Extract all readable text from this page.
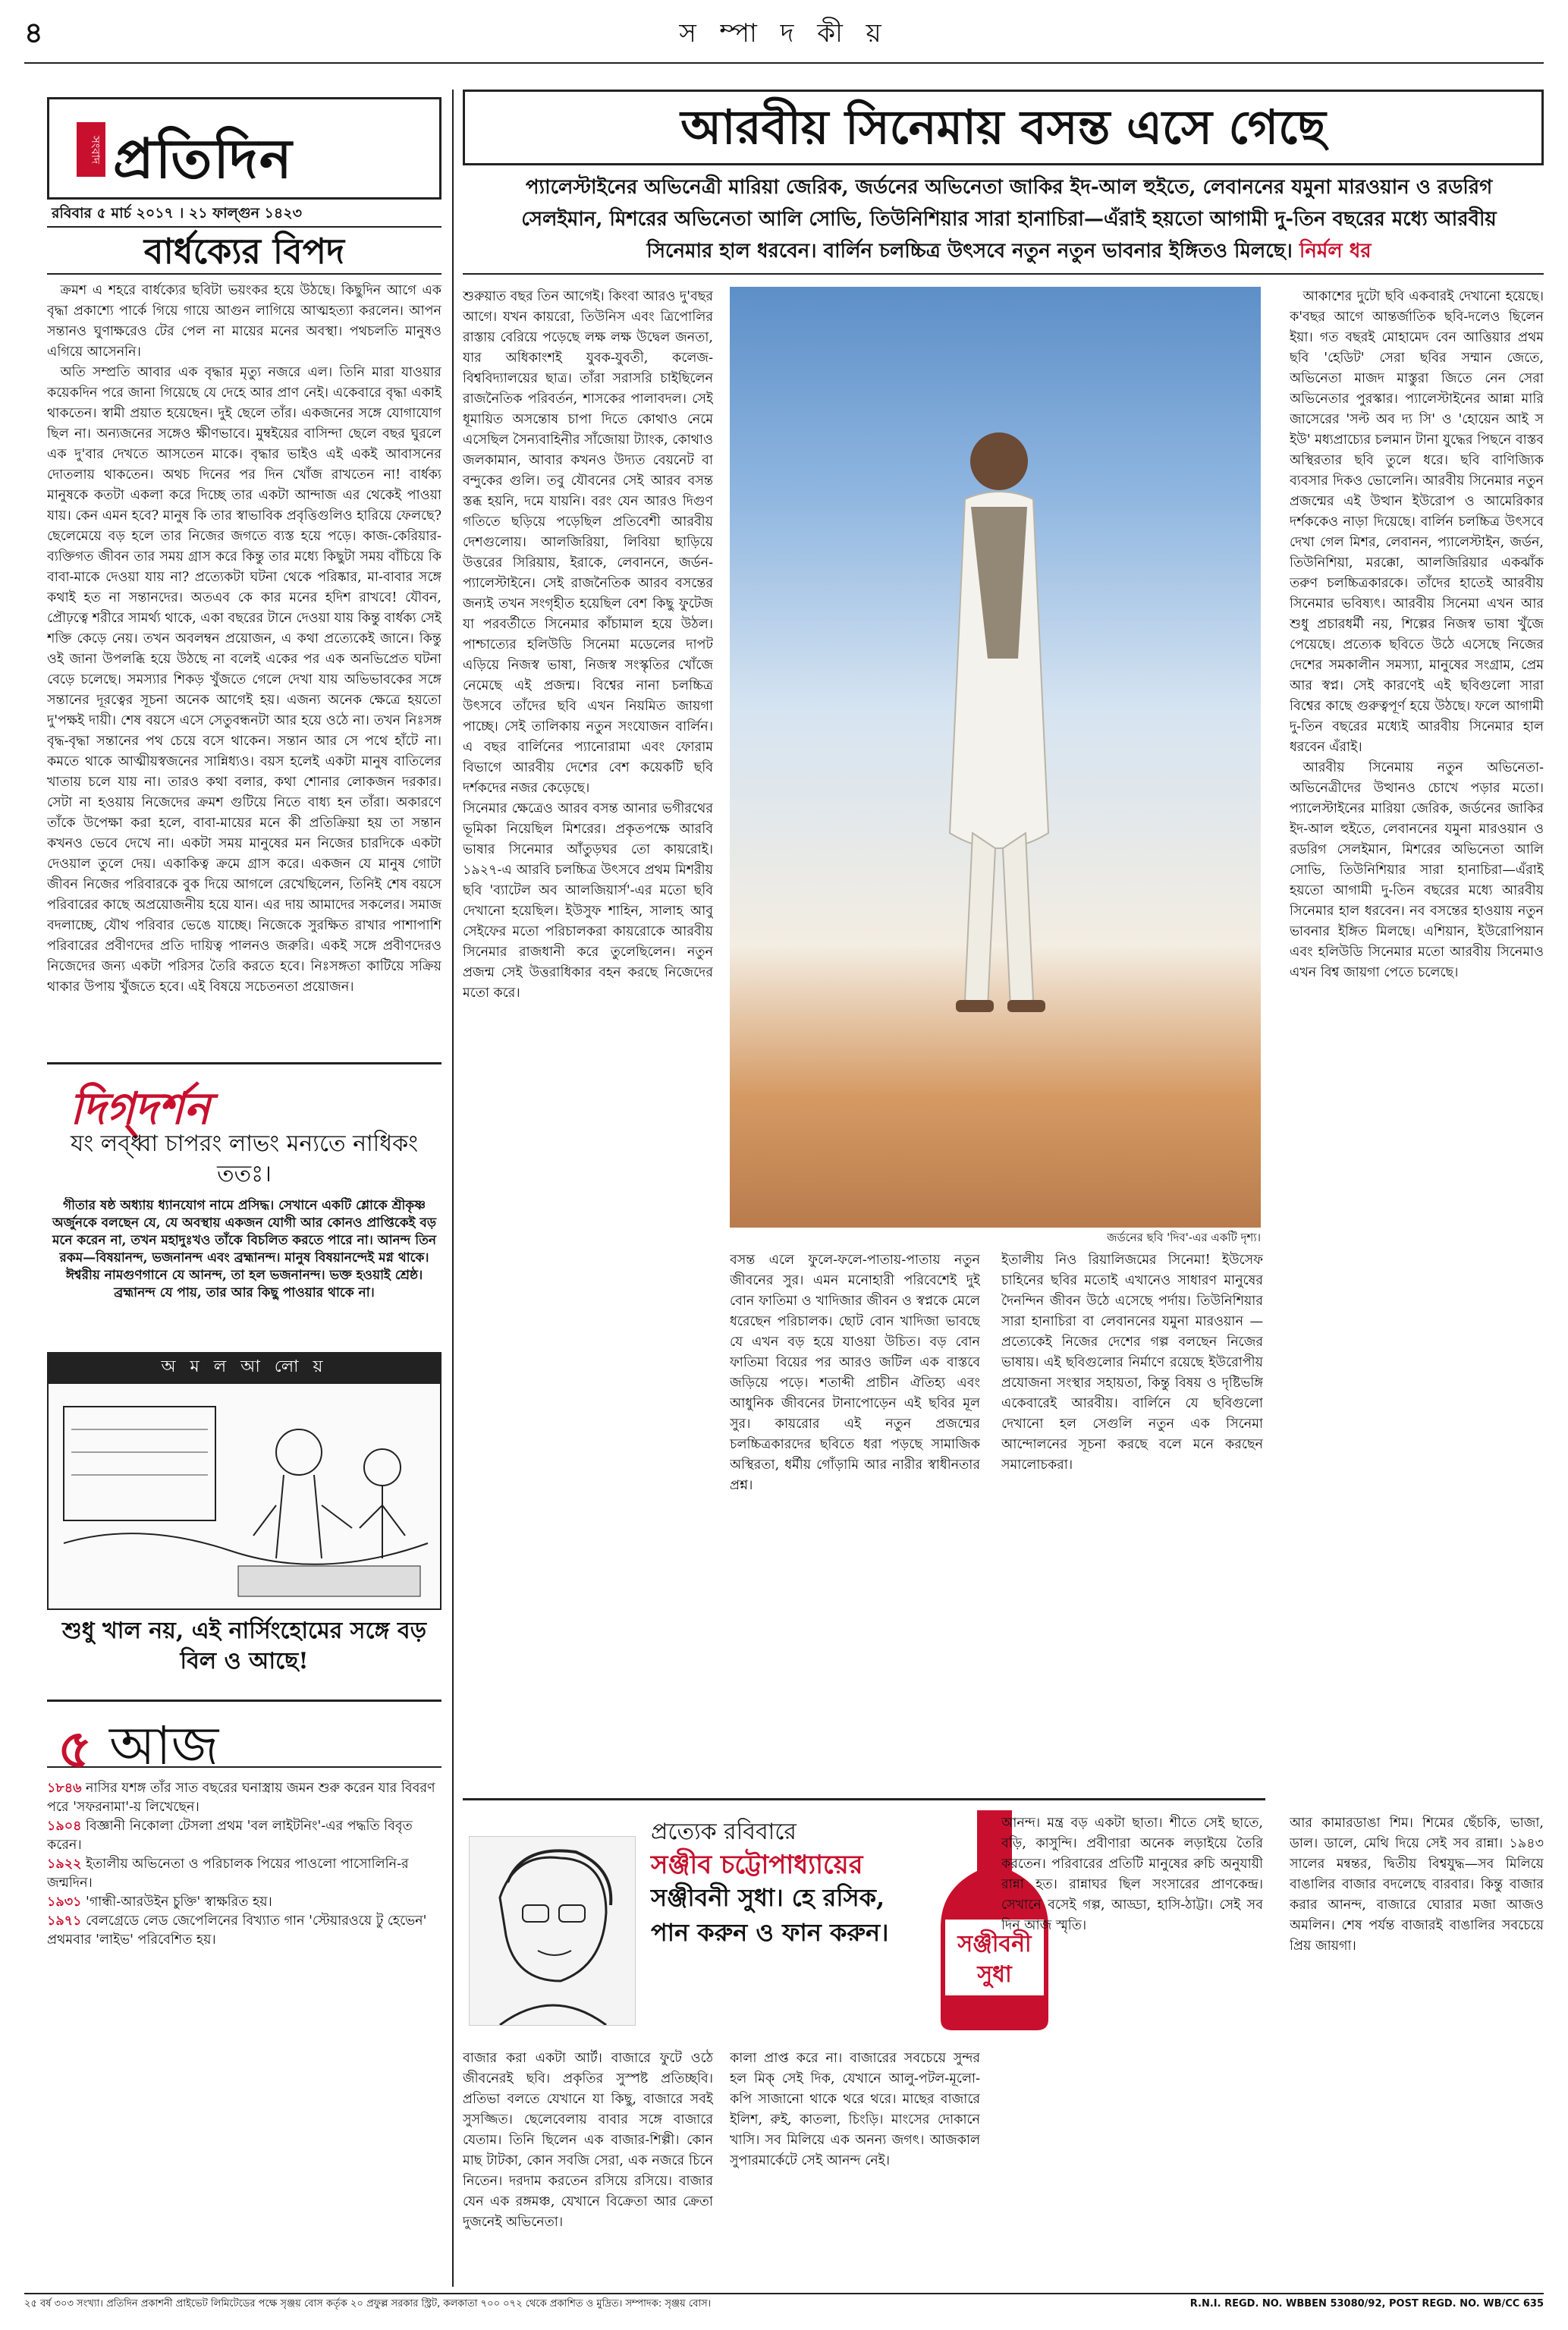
৪	স ম্পা দ কী য়
সংবাদ প্রতিদিন
রবিবার ৫ মার্চ ২০১৭ । ২১ ফাল্গুন ১৪২৩
বার্ধক্যের বিপদ

ক্রমশ এ শহরে বার্ধক্যের ছবিটা ভয়ংকর হয়ে উঠছে। কিছুদিন আগে এক বৃদ্ধা প্রকাশ্যে পার্কে গিয়ে গায়ে আগুন লাগিয়ে আত্মহত্যা করলেন। আপন সন্তানও ঘুণাক্ষরেও টের পেল না মায়ের মনের অবস্থা। পথচলতি মানুষও এগিয়ে আসেননি।

অতি সম্প্রতি আবার এক বৃদ্ধার মৃত্যু নজরে এল। তিনি মারা যাওয়ার কয়েকদিন পরে জানা গিয়েছে যে দেহে আর প্রাণ নেই। একেবারে বৃদ্ধা একাই থাকতেন। স্বামী প্রয়াত হয়েছেন। দুই ছেলে তাঁর। একজনের সঙ্গে যোগাযোগ ছিল না। অন্যজনের সঙ্গেও ক্ষীণভাবে। মুম্বইয়ের বাসিন্দা ছেলে বছর ঘুরলে এক দু'বার দেখতে আসতেন মাকে। বৃদ্ধার ভাইও এই একই আবাসনের দোতলায় থাকতেন। অথচ দিনের পর দিন খোঁজ রাখতেন না! বার্ধক্য মানুষকে কতটা একলা করে দিচ্ছে তার একটা আন্দাজ এর থেকেই পাওয়া যায়। কেন এমন হবে? মানুষ কি তার স্বাভাবিক প্রবৃত্তিগুলিও হারিয়ে ফেলছে? ছেলেমেয়ে বড় হলে তার নিজের জগতে ব্যস্ত হয়ে পড়ে। কাজ-কেরিয়ার-ব্যক্তিগত জীবন তার সময় গ্রাস করে কিন্তু তার মধ্যে কিছুটা সময় বাঁচিয়ে কি বাবা-মাকে দেওয়া যায় না? প্রত্যেকটা ঘটনা থেকে পরিষ্কার, মা-বাবার সঙ্গে কথাই হত না সন্তানদের। অতএব কে কার মনের হদিশ রাখবে! যৌবন, প্রৌঢ়ত্বে শরীরে সামর্থ্য থাকে, একা বছরের টানে দেওয়া যায় কিন্তু বার্ধক্য সেই শক্তি কেড়ে নেয়। তখন অবলম্বন প্রয়োজন, এ কথা প্রত্যেকেই জানে। কিন্তু ওই জানা উপলব্ধি হয়ে উঠছে না বলেই একের পর এক অনভিপ্রেত ঘটনা বেড়ে চলেছে। সমস্যার শিকড় খুঁজতে গেলে দেখা যায় অভিভাবকের সঙ্গে সন্তানের দূরত্বের সূচনা অনেক আগেই হয়। এজন্য অনেক ক্ষেত্রে হয়তো দু'পক্ষই দায়ী। শেষ বয়সে এসে সেতুবন্ধনটা আর হয়ে ওঠে না। তখন নিঃসঙ্গ বৃদ্ধ-বৃদ্ধা সন্তানের পথ চেয়ে বসে থাকেন। সন্তান আর সে পথে হাঁটে না। কমতে থাকে আত্মীয়স্বজনের সান্নিধ্যও। বয়স হলেই একটা মানুষ বাতিলের খাতায় চলে যায় না। তারও কথা বলার, কথা শোনার লোকজন দরকার। সেটা না হওয়ায় নিজেদের ক্রমশ গুটিয়ে নিতে বাধ্য হন তাঁরা। অকারণে তাঁকে উপেক্ষা করা হলে, বাবা-মায়ের মনে কী প্রতিক্রিয়া হয় তা সন্তান কখনও ভেবে দেখে না। একটা সময় মানুষের মন নিজের চারদিকে একটা দেওয়াল তুলে দেয়। একাকিত্ব ক্রমে গ্রাস করে। একজন যে মানুষ গোটা জীবন নিজের পরিবারকে বুক দিয়ে আগলে রেখেছিলেন, তিনিই শেষ বয়সে পরিবারের কাছে অপ্রয়োজনীয় হয়ে যান। এর দায় আমাদের সকলের। সমাজ বদলাচ্ছে, যৌথ পরিবার ভেঙে যাচ্ছে। নিজেকে সুরক্ষিত রাখার পাশাপাশি পরিবারের প্রবীণদের প্রতি দায়িত্ব পালনও জরুরি। একই সঙ্গে প্রবীণদেরও নিজেদের জন্য একটা পরিসর তৈরি করতে হবে। নিঃসঙ্গতা কাটিয়ে সক্রিয় থাকার উপায় খুঁজতে হবে। এই বিষয়ে সচেতনতা প্রয়োজন।

দিগ্‌দর্শন
যং লব্ধ্বা চাপরং লাভং মন্যতে নাধিকং ততঃ।
গীতার ষষ্ঠ অধ্যায় ধ্যানযোগ নামে প্রসিদ্ধ। সেখানে একটি শ্লোকে শ্রীকৃষ্ণ অর্জুনকে বলছেন যে, যে অবস্থায় একজন যোগী আর কোনও প্রাপ্তিকেই বড় মনে করেন না, তখন মহাদুঃখও তাঁকে বিচলিত করতে পারে না। আনন্দ তিন রকম—বিষয়ানন্দ, ভজনানন্দ এবং ব্রহ্মানন্দ। মানুষ বিষয়ানন্দেই মগ্ন থাকে। ঈশ্বরীয় নামগুণগানে যে আনন্দ, তা হল ভজনানন্দ। ভক্ত হওয়াই শ্রেষ্ঠ। ব্রহ্মানন্দ যে পায়, তার আর কিছু পাওয়ার থাকে না।
অ ম ল আ লো য়
শুধু খাল নয়, এই নার্সিংহোমের সঙ্গে বড় বিল ও আছে!
৫ আজ
১৮৪৬ নাসির যশঙ্গ তাঁর সাত বছরের ঘনাস্ত্রায় জমন শুরু করেন যার বিবরণ পরে 'সফরনামা'-য় লিখেছেন।
১৯০৪ বিজ্ঞানী নিকোলা টেসলা প্রথম 'বল লাইটনিং'-এর পদ্ধতি বিবৃত করেন।
১৯২২ ইতালীয় অভিনেতা ও পরিচালক পিয়ের পাওলো পাসোলিনি-র জন্মদিন।
১৯৩১ 'গান্ধী-আরউইন চুক্তি' স্বাক্ষরিত হয়।
১৯৭১ বেলগ্রেডে লেড জেপেলিনের বিখ্যাত গান 'স্টেয়ারওয়ে টু হেভেন' প্রথমবার 'লাইভ' পরিবেশিত হয়।
আরবীয় সিনেমায় বসন্ত এসে গেছে
প্যালেস্টাইনের অভিনেত্রী মারিয়া জেরিক, জর্ডনের অভিনেতা জাকির ইদ-আল হুইতে, লেবাননের যমুনা মারওয়ান ও রডরিগ সেলইমান, মিশরের অভিনেতা আলি সোভি, তিউনিশিয়ার সারা হানাচিরা—এঁরাই হয়তো আগামী দু-তিন বছরের মধ্যে আরবীয় সিনেমার হাল ধরবেন। বার্লিন চলচ্চিত্র উৎসবে নতুন নতুন ভাবনার ইঙ্গিতও মিলছে। নির্মল ধর

শুরুয়াত বছর তিন আগেই। কিংবা আরও দু'বছর আগে। যখন কায়রো, তিউনিস এবং ত্রিপোলির রাস্তায় বেরিয়ে পড়েছে লক্ষ লক্ষ উদ্বেল জনতা, যার অধিকাংশই যুবক-যুবতী, কলেজ-বিশ্ববিদ্যালয়ের ছাত্র। তাঁরা সরাসরি চাইছিলেন রাজনৈতিক পরিবর্তন, শাসকের পালাবদল। সেই ধূমায়িত অসন্তোষ চাপা দিতে কোথাও নেমে এসেছিল সৈন্যবাহিনীর সাঁজোয়া ট্যাংক, কোথাও জলকামান, আবার কখনও উদ্যত বেয়নেট বা বন্দুকের গুলি। তবু যৌবনের সেই আরব বসন্ত স্তব্ধ হয়নি, দমে যায়নি। বরং যেন আরও দিগুণ গতিতে ছড়িয়ে পড়েছিল প্রতিবেশী আরবীয় দেশগুলোয়। আলজিরিয়া, লিবিয়া ছাড়িয়ে উত্তরের সিরিয়ায়, ইরাকে, লেবাননে, জর্ডন-প্যালেস্টাইনে। সেই রাজনৈতিক আরব বসন্তের জন্যই তখন সংগৃহীত হয়েছিল বেশ কিছু ফুটেজ যা পরবর্তীতে সিনেমার কাঁচামাল হয়ে উঠল। পাশ্চাত্যের হলিউডি সিনেমা মডেলের দাপট এড়িয়ে নিজস্ব ভাষা, নিজস্ব সংস্কৃতির খোঁজে নেমেছে এই প্রজন্ম। বিশ্বের নানা চলচ্চিত্র উৎসবে তাঁদের ছবি এখন নিয়মিত জায়গা পাচ্ছে। সেই তালিকায় নতুন সংযোজন বার্লিন। এ বছর বার্লিনের প্যানোরামা এবং ফোরাম বিভাগে আরবীয় দেশের বেশ কয়েকটি ছবি দর্শকদের নজর কেড়েছে।

সিনেমার ক্ষেত্রেও আরব বসন্ত আনার ভগীরথের ভূমিকা নিয়েছিল মিশরের। প্রকৃতপক্ষে আরবি ভাষার সিনেমার আঁতুড়ঘর তো কায়রোই। ১৯২৭-এ আরবি চলচ্চিত্র উৎসবে প্রথম মিশরীয় ছবি 'ব্যাটেল অব আলজিয়ার্স'-এর মতো ছবি দেখানো হয়েছিল। ইউসুফ শাহিন, সালাহ আবু সেইফের মতো পরিচালকরা কায়রোকে আরবীয় সিনেমার রাজধানী করে তুলেছিলেন। নতুন প্রজন্ম সেই উত্তরাধিকার বহন করছে নিজেদের মতো করে।

জর্ডনের ছবি 'দিব'-এর একটি দৃশ্য।

বসন্ত এলে ফুলে-ফলে-পাতায়-পাতায় নতুন জীবনের সুর। এমন মনোহারী পরিবেশেই দুই বোন ফাতিমা ও খাদিজার জীবন ও স্বপ্নকে মেলে ধরেছেন পরিচালক। ছোট বোন খাদিজা ভাবছে যে এখন বড় হয়ে যাওয়া উচিত। বড় বোন ফাতিমা বিয়ের পর আরও জটিল এক বাস্তবে জড়িয়ে পড়ে। শতাব্দী প্রাচীন ঐতিহ্য এবং আধুনিক জীবনের টানাপোড়েন এই ছবির মূল সুর। কায়রোর এই নতুন প্রজন্মের চলচ্চিত্রকারদের ছবিতে ধরা পড়ছে সামাজিক অস্থিরতা, ধর্মীয় গোঁড়ামি আর নারীর স্বাধীনতার প্রশ্ন।

ইতালীয় নিও রিয়ালিজমের সিনেমা! ইউসেফ চাহিনের ছবির মতোই এখানেও সাধারণ মানুষের দৈনন্দিন জীবন উঠে এসেছে পর্দায়। তিউনিশিয়ার সারা হানাচিরা বা লেবাননের যমুনা মারওয়ান — প্রত্যেকেই নিজের দেশের গল্প বলছেন নিজের ভাষায়। এই ছবিগুলোর নির্মাণে রয়েছে ইউরোপীয় প্রযোজনা সংস্থার সহায়তা, কিন্তু বিষয় ও দৃষ্টিভঙ্গি একেবারেই আরবীয়। বার্লিনে যে ছবিগুলো দেখানো হল সেগুলি নতুন এক সিনেমা আন্দোলনের সূচনা করছে বলে মনে করছেন সমালোচকরা।

আকাশের দুটো ছবি একবারই দেখানো হয়েছে। ক'বছর আগে আন্তর্জাতিক ছবি-দলেও ছিলেন ইয়া। গত বছরই মোহামেদ বেন আত্তিয়ার প্রথম ছবি 'হেডিট' সেরা ছবির সম্মান জেতে, অভিনেতা মাজদ মাস্তুরা জিতে নেন সেরা অভিনেতার পুরস্কার। প্যালেস্টাইনের আন্না মারি জাসেরের 'সল্ট অব দ্য সি' ও 'হোয়েন আই স ইউ' মধ্যপ্রাচ্যের চলমান টানা যুদ্ধের পিছনে বাস্তব অস্থিরতার ছবি তুলে ধরে। ছবি বাণিজ্যিক ব্যবসার দিকও ভোলেনি। আরবীয় সিনেমার নতুন প্রজন্মের এই উত্থান ইউরোপ ও আমেরিকার দর্শককেও নাড়া দিয়েছে। বার্লিন চলচ্চিত্র উৎসবে দেখা গেল মিশর, লেবানন, প্যালেস্টাইন, জর্ডন, তিউনিশিয়া, মরক্কো, আলজিরিয়ার একঝাঁক তরুণ চলচ্চিত্রকারকে। তাঁদের হাতেই আরবীয় সিনেমার ভবিষ্যৎ। আরবীয় সিনেমা এখন আর শুধু প্রচারধর্মী নয়, শিল্পের নিজস্ব ভাষা খুঁজে পেয়েছে। প্রত্যেক ছবিতে উঠে এসেছে নিজের দেশের সমকালীন সমস্যা, মানুষের সংগ্রাম, প্রেম আর স্বপ্ন। সেই কারণেই এই ছবিগুলো সারা বিশ্বের কাছে গুরুত্বপূর্ণ হয়ে উঠছে। ফলে আগামী দু-তিন বছরের মধ্যেই আরবীয় সিনেমার হাল ধরবেন এঁরাই।

আরবীয় সিনেমায় নতুন অভিনেতা-অভিনেত্রীদের উত্থানও চোখে পড়ার মতো। প্যালেস্টাইনের মারিয়া জেরিক, জর্ডনের জাকির ইদ-আল হুইতে, লেবাননের যমুনা মারওয়ান ও রডরিগ সেলইমান, মিশরের অভিনেতা আলি সোভি, তিউনিশিয়ার সারা হানাচিরা—এঁরাই হয়তো আগামী দু-তিন বছরের মধ্যে আরবীয় সিনেমার হাল ধরবেন। নব বসন্তের হাওয়ায় নতুন ভাবনার ইঙ্গিত মিলছে। এশিয়ান, ইউরোপিয়ান এবং হলিউডি সিনেমার মতো আরবীয় সিনেমাও এখন বিশ্ব জায়গা পেতে চলেছে।

প্রত্যেক রবিবারে
সঞ্জীব চট্টোপাধ্যায়ের
সঞ্জীবনী সুধা। হে রসিক, পান করুন ও ফান করুন।	সঞ্জীবনী
সুধা

বাজার করা একটা আর্ট। বাজারে ফুটে ওঠে জীবনেরই ছবি। প্রকৃতির সুস্পষ্ট প্রতিচ্ছবি। প্রতিভা বলতে যেখানে যা কিছু, বাজারে সবই সুসজ্জিত। ছেলেবেলায় বাবার সঙ্গে বাজারে যেতাম। তিনি ছিলেন এক বাজার-শিল্পী। কোন মাছ টাটকা, কোন সবজি সেরা, এক নজরে চিনে নিতেন। দরদাম করতেন রসিয়ে রসিয়ে। বাজার যেন এক রঙ্গমঞ্চ, যেখানে বিক্রেতা আর ক্রেতা দুজনেই অভিনেতা।

কালা প্রাপ্ত করে না। বাজারের সবচেয়ে সুন্দর হল মিক্‌ সেই দিক, যেখানে আলু-পটল-মূলো-কপি সাজানো থাকে থরে থরে। মাছের বাজারে ইলিশ, রুই, কাতলা, চিংড়ি। মাংসের দোকানে খাসি। সব মিলিয়ে এক অনন্য জগৎ। আজকাল সুপারমার্কেটে সেই আনন্দ নেই।

আনন্দ। মন্ত্র বড় একটা ছাতা। শীতে সেই ছাতে, বড়ি, কাসুন্দি। প্রবীণারা অনেক লড়াইয়ে তৈরি করতেন। পরিবারের প্রতিটি মানুষের রুচি অনুযায়ী রান্না হত। রান্নাঘর ছিল সংসারের প্রাণকেন্দ্র। সেখানে বসেই গল্প, আড্ডা, হাসি-ঠাট্টা। সেই সব দিন আজ স্মৃতি।

আর কামারডাঙা শিম। শিমের ছেঁচকি, ভাজা, ডাল। ডালে, মেথি দিয়ে সেই সব রান্না। ১৯৪৩ সালের মন্বন্তর, দ্বিতীয় বিশ্বযুদ্ধ—সব মিলিয়ে বাঙালির বাজার বদলেছে বারবার। কিন্তু বাজার করার আনন্দ, বাজারে ঘোরার মজা আজও অমলিন। শেষ পর্যন্ত বাজারই বাঙালির সবচেয়ে প্রিয় জায়গা।

R.N.I. REGD. NO. WBBEN 53080/92, POST REGD. NO. WB/CC 635
২৫ বর্ষ ৩০৩ সংখ্যা। প্রতিদিন প্রকাশনী প্রাইভেট লিমিটেডের পক্ষে সৃঞ্জয় বোস কর্তৃক ২০ প্রফুল্ল সরকার স্ট্রিট, কলকাতা ৭০০ ০৭২ থেকে প্রকাশিত ও মুদ্রিত। সম্পাদক: সৃঞ্জয় বোস।
